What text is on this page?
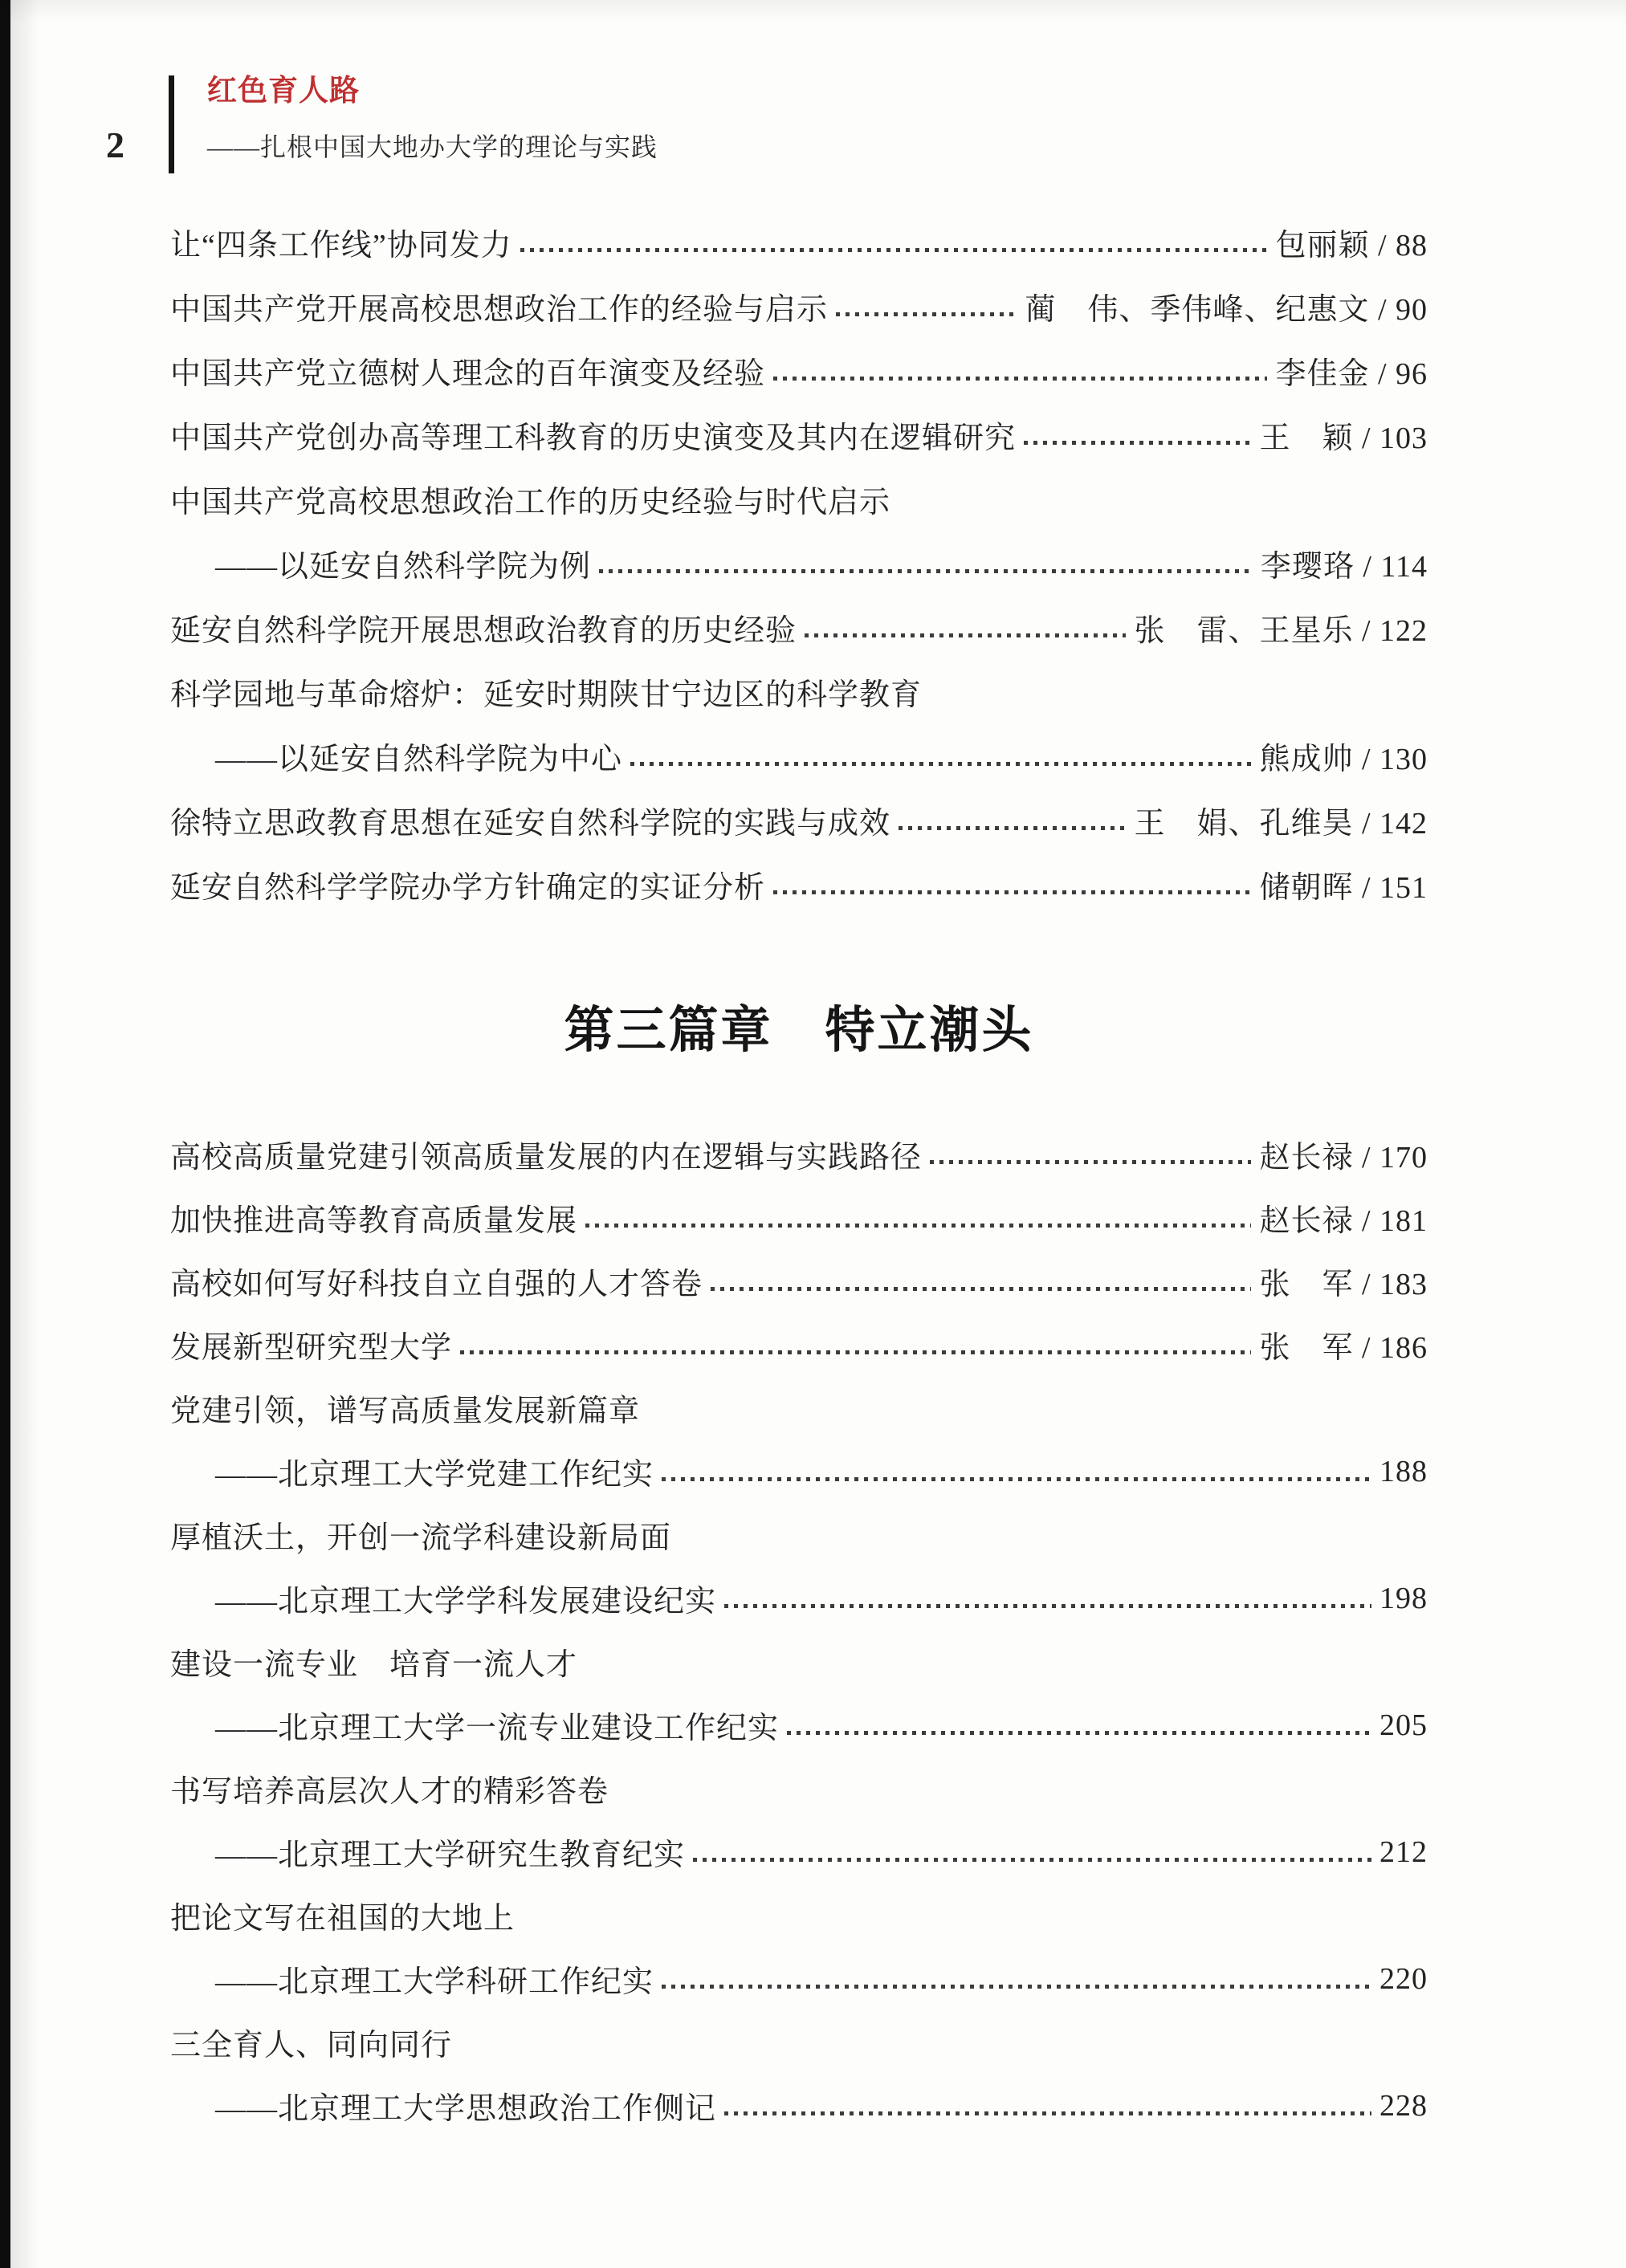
2
红色育人路
——扎根中国大地办大学的理论与实践
让“四条工作线”协同发力	包丽颖 / 88
中国共产党开展高校思想政治工作的经验与启示	蔺　伟、季伟峰、纪惠文 / 90
中国共产党立德树人理念的百年演变及经验	李佳金 / 96
中国共产党创办高等理工科教育的历史演变及其内在逻辑研究	王　颖 / 103
中国共产党高校思想政治工作的历史经验与时代启示
——以延安自然科学院为例	李璎珞 / 114
延安自然科学院开展思想政治教育的历史经验	张　雷、王星乐 / 122
科学园地与革命熔炉：延安时期陕甘宁边区的科学教育
——以延安自然科学院为中心	熊成帅 / 130
徐特立思政教育思想在延安自然科学院的实践与成效	王　娟、孔维昊 / 142
延安自然科学学院办学方针确定的实证分析	储朝晖 / 151
第三篇章　特立潮头
高校高质量党建引领高质量发展的内在逻辑与实践路径	赵长禄 / 170
加快推进高等教育高质量发展	赵长禄 / 181
高校如何写好科技自立自强的人才答卷	张　军 / 183
发展新型研究型大学	张　军 / 186
党建引领，谱写高质量发展新篇章
——北京理工大学党建工作纪实	188
厚植沃土，开创一流学科建设新局面
——北京理工大学学科发展建设纪实	198
建设一流专业　培育一流人才
——北京理工大学一流专业建设工作纪实	205
书写培养高层次人才的精彩答卷
——北京理工大学研究生教育纪实	212
把论文写在祖国的大地上
——北京理工大学科研工作纪实	220
三全育人、同向同行
——北京理工大学思想政治工作侧记	228
